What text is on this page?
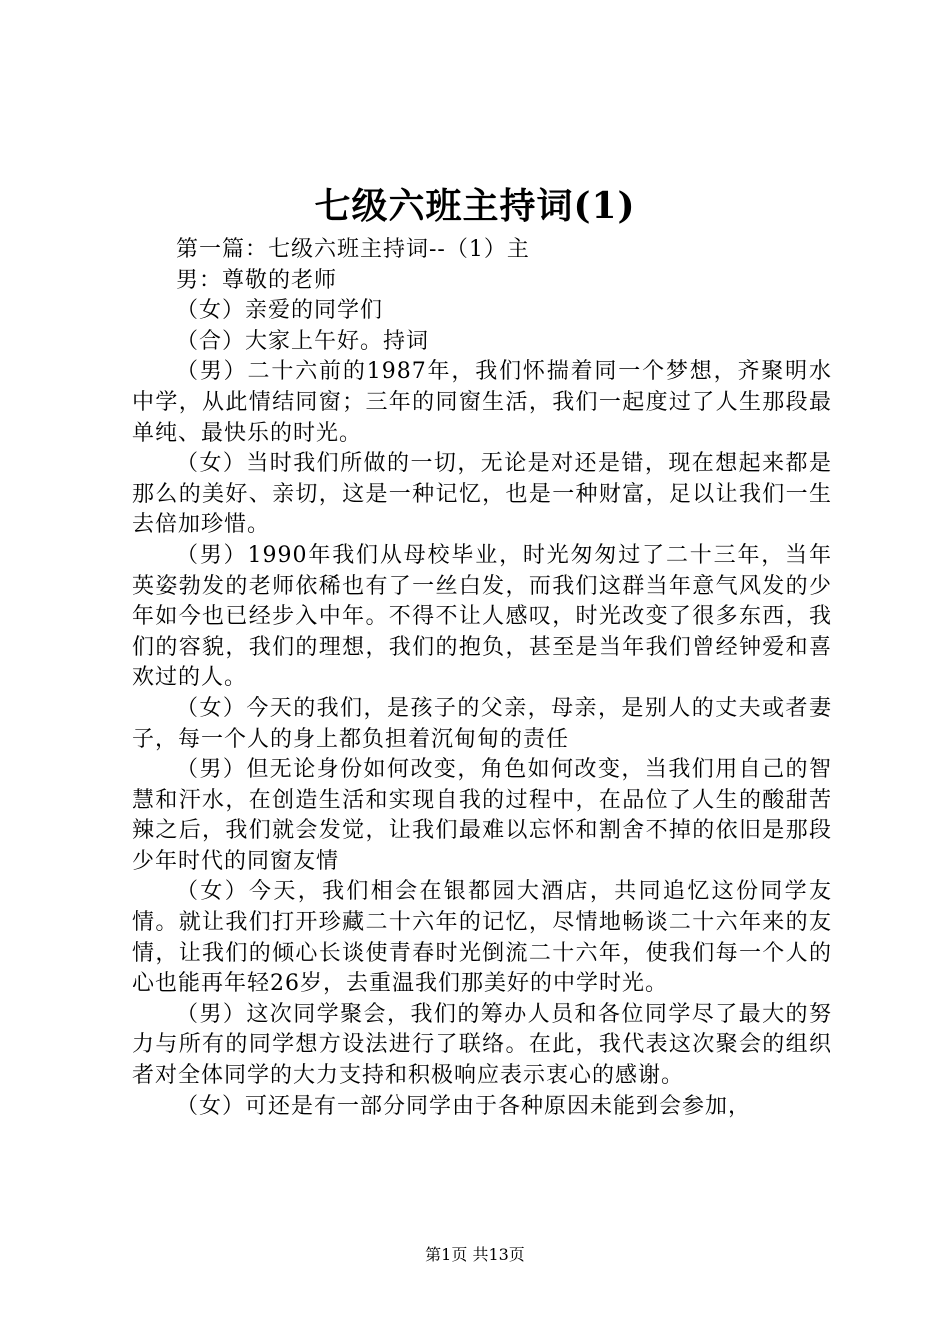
七级六班主持词(1)

第一篇：七级六班主持词--（1）主

男：尊敬的老师

（女）亲爱的同学们

（合）大家上午好。持词

（男）二十六前的1987年，我们怀揣着同一个梦想，齐聚明水中学，从此情结同窗；三年的同窗生活，我们一起度过了人生那段最单纯、最快乐的时光。

（女）当时我们所做的一切，无论是对还是错，现在想起来都是那么的美好、亲切，这是一种记忆，也是一种财富，足以让我们一生去倍加珍惜。

（男）1990年我们从母校毕业，时光匆匆过了二十三年，当年英姿勃发的老师依稀也有了一丝白发，而我们这群当年意气风发的少年如今也已经步入中年。不得不让人感叹，时光改变了很多东西，我们的容貌，我们的理想，我们的抱负，甚至是当年我们曾经钟爱和喜欢过的人。

（女）今天的我们，是孩子的父亲，母亲，是别人的丈夫或者妻子，每一个人的身上都负担着沉甸甸的责任

（男）但无论身份如何改变，角色如何改变，当我们用自己的智慧和汗水，在创造生活和实现自我的过程中，在品位了人生的酸甜苦辣之后，我们就会发觉，让我们最难以忘怀和割舍不掉的依旧是那段少年时代的同窗友情

（女）今天，我们相会在银都园大酒店，共同追忆这份同学友情。就让我们打开珍藏二十六年的记忆，尽情地畅谈二十六年来的友情，让我们的倾心长谈使青春时光倒流二十六年，使我们每一个人的心也能再年轻26岁，去重温我们那美好的中学时光。

（男）这次同学聚会，我们的筹办人员和各位同学尽了最大的努力与所有的同学想方设法进行了联络。在此，我代表这次聚会的组织者对全体同学的大力支持和积极响应表示衷心的感谢。

（女）可还是有一部分同学由于各种原因未能到会参加，

第1页 共13页
